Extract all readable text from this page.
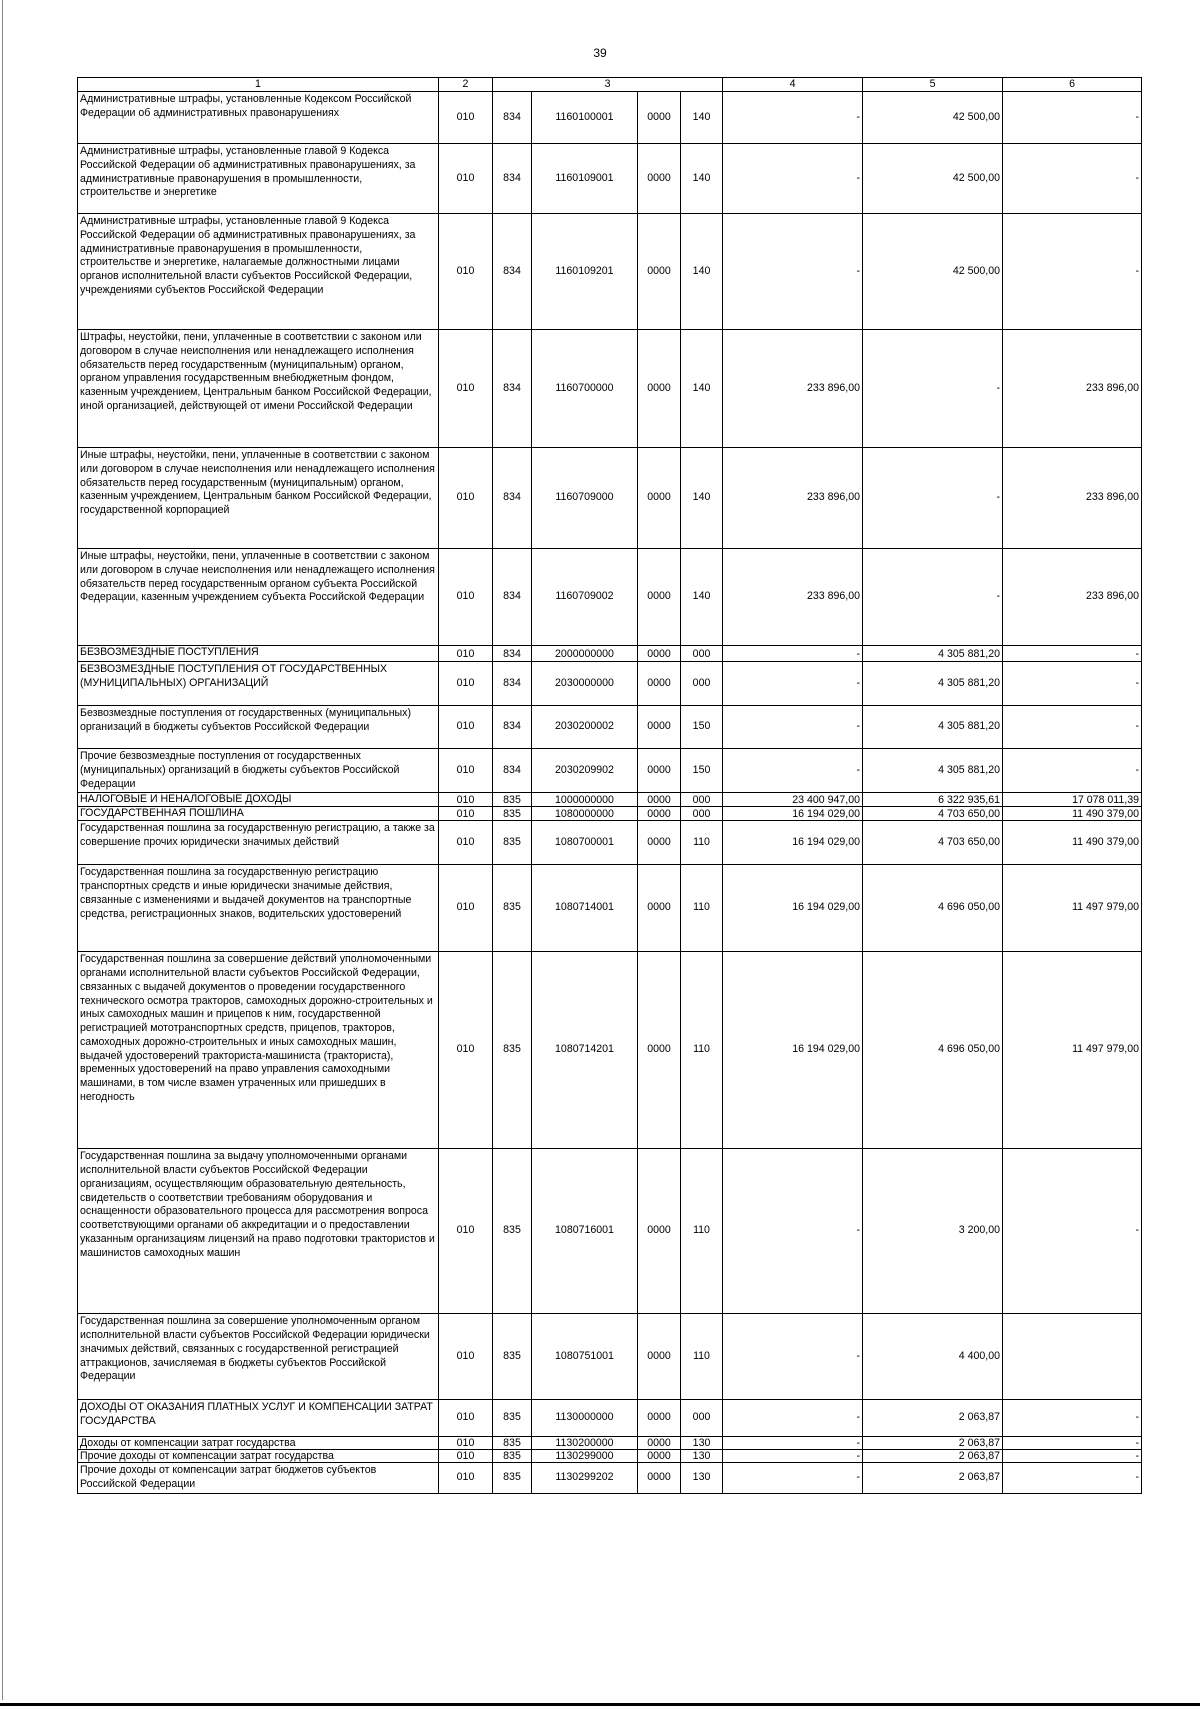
39
1	2	3				4	5	6
Административные штрафы, установленные Кодексом Российской Федерации об административных правонарушениях	010	834	1160100001	0000	140	-	42 500,00	-
Административные штрафы, установленные главой 9 Кодекса Российской Федерации об административных правонарушениях, за административные правонарушения в промышленности, строительстве и энергетике	010	834	1160109001	0000	140	-	42 500,00	-
Административные штрафы, установленные главой 9 Кодекса Российской Федерации об административных правонарушениях, за административные правонарушения в промышленности, строительстве и энергетике, налагаемые должностными лицами органов исполнительной власти субъектов Российской Федерации, учреждениями субъектов Российской Федерации	010	834	1160109201	0000	140	-	42 500,00	-
Штрафы, неустойки, пени, уплаченные в соответствии с законом или договором в случае неисполнения или ненадлежащего исполнения обязательств перед государственным (муниципальным) органом, органом управления государственным внебюджетным фондом, казенным учреждением, Центральным банком Российской Федерации, иной организацией, действующей от имени Российской Федерации	010	834	1160700000	0000	140	233 896,00	-	233 896,00
Иные штрафы, неустойки, пени, уплаченные в соответствии с законом или договором в случае неисполнения или ненадлежащего исполнения обязательств перед государственным (муниципальным) органом, казенным учреждением, Центральным банком Российской Федерации, государственной корпорацией	010	834	1160709000	0000	140	233 896,00	-	233 896,00
Иные штрафы, неустойки, пени, уплаченные в соответствии с законом или договором в случае неисполнения или ненадлежащего исполнения обязательств перед государственным органом субъекта Российской Федерации, казенным учреждением субъекта Российской Федерации	010	834	1160709002	0000	140	233 896,00	-	233 896,00
БЕЗВОЗМЕЗДНЫЕ ПОСТУПЛЕНИЯ	010	834	2000000000	0000	000	-	4 305 881,20	-
БЕЗВОЗМЕЗДНЫЕ ПОСТУПЛЕНИЯ ОТ ГОСУДАРСТВЕННЫХ (МУНИЦИПАЛЬНЫХ) ОРГАНИЗАЦИЙ	010	834	2030000000	0000	000	-	4 305 881,20	-
Безвозмездные поступления от государственных (муниципальных) организаций в бюджеты субъектов Российской Федерации	010	834	2030200002	0000	150	-	4 305 881,20	-
Прочие безвозмездные поступления от государственных (муниципальных) организаций в бюджеты субъектов Российской Федерации	010	834	2030209902	0000	150	-	4 305 881,20	-
НАЛОГОВЫЕ И НЕНАЛОГОВЫЕ ДОХОДЫ	010	835	1000000000	0000	000	23 400 947,00	6 322 935,61	17 078 011,39
ГОСУДАРСТВЕННАЯ ПОШЛИНА	010	835	1080000000	0000	000	16 194 029,00	4 703 650,00	11 490 379,00
Государственная пошлина за государственную регистрацию, а также за совершение прочих юридически значимых действий	010	835	1080700001	0000	110	16 194 029,00	4 703 650,00	11 490 379,00
Государственная пошлина за государственную регистрацию транспортных средств и иные юридически значимые действия, связанные с изменениями и выдачей документов на транспортные средства, регистрационных знаков, водительских удостоверений	010	835	1080714001	0000	110	16 194 029,00	4 696 050,00	11 497 979,00
Государственная пошлина за совершение действий уполномоченными органами исполнительной власти субъектов Российской Федерации, связанных с выдачей документов о проведении государственного технического осмотра тракторов, самоходных дорожно-строительных и иных самоходных машин и прицепов к ним, государственной регистрацией мототранспортных средств, прицепов, тракторов, самоходных дорожно-строительных и иных самоходных машин, выдачей удостоверений тракториста-машиниста (тракториста), временных удостоверений на право управления самоходными машинами, в том числе взамен утраченных или пришедших в негодность	010	835	1080714201	0000	110	16 194 029,00	4 696 050,00	11 497 979,00
Государственная пошлина за выдачу уполномоченными органами исполнительной власти субъектов Российской Федерации организациям, осуществляющим образовательную деятельность, свидетельств о соответствии требованиям оборудования и оснащенности образовательного процесса для рассмотрения вопроса соответствующими органами об аккредитации и о предоставлении указанным организациям лицензий на право подготовки трактористов и машинистов самоходных машин	010	835	1080716001	0000	110	-	3 200,00	-
Государственная пошлина за совершение уполномоченным органом исполнительной власти субъектов Российской Федерации юридически значимых действий, связанных с государственной регистрацией аттракционов, зачисляемая в бюджеты субъектов Российской Федерации	010	835	1080751001	0000	110	-	4 400,00	
ДОХОДЫ ОТ ОКАЗАНИЯ ПЛАТНЫХ УСЛУГ И КОМПЕНСАЦИИ ЗАТРАТ ГОСУДАРСТВА	010	835	1130000000	0000	000	-	2 063,87	-
Доходы от компенсации затрат государства	010	835	1130200000	0000	130	-	2 063,87	-
Прочие доходы от компенсации затрат государства	010	835	1130299000	0000	130	-	2 063,87	-
Прочие доходы от компенсации затрат бюджетов субъектов Российской Федерации	010	835	1130299202	0000	130	-	2 063,87	-
